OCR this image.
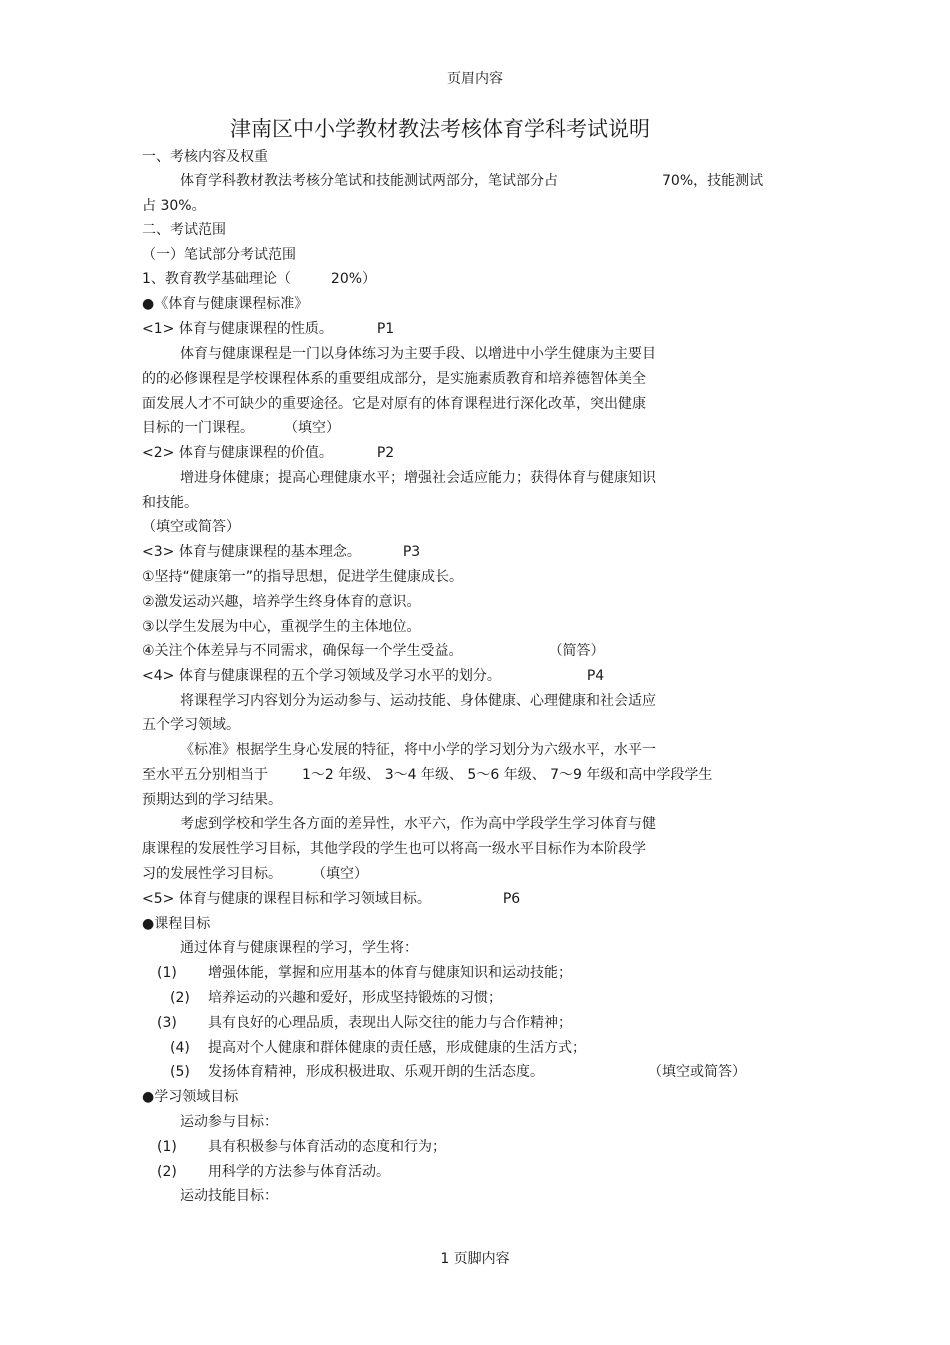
页眉内容
津南区中小学教材教法考核体育学科考试说明
一、考核内容及权重
体育学科教材教法考核分笔试和技能测试两部分，笔试部分占	70%，技能测试
占 30%。
二、考试范围
（一）笔试部分考试范围
1、教育教学基础理论（	20%）
●《体育与健康课程标准》
<1> 体育与健康课程的性质。	P1
体育与健康课程是一门以身体练习为主要手段、以增进中小学生健康为主要目
的的必修课程是学校课程体系的重要组成部分，是实施素质教育和培养德智体美全
面发展人才不可缺少的重要途径。它是对原有的体育课程进行深化改革，突出健康
目标的一门课程。 （填空）
<2> 体育与健康课程的价值。	P2
增进身体健康；提高心理健康水平；增强社会适应能力；获得体育与健康知识
和技能。
（填空或简答）
<3> 体育与健康课程的基本理念。	P3
①坚持“健康第一”的指导思想，促进学生健康成长。
②激发运动兴趣，培养学生终身体育的意识。
③以学生发展为中心，重视学生的主体地位。
④关注个体差异与不同需求，确保每一个学生受益。	（简答）
<4> 体育与健康课程的五个学习领域及学习水平的划分。	P4
将课程学习内容划分为运动参与、运动技能、身体健康、心理健康和社会适应
五个学习领域。
《标准》根据学生身心发展的特征，将中小学的学习划分为六级水平，水平一
至水平五分别相当于 1～2 年级、 3～4 年级、 5～6 年级、 7～9 年级和高中学段学生
预期达到的学习结果。
考虑到学校和学生各方面的差异性，水平六，作为高中学段学生学习体育与健
康课程的发展性学习目标，其他学段的学生也可以将高一级水平目标作为本阶段学
习的发展性学习目标。 （填空）
<5> 体育与健康的课程目标和学习领域目标。	P6
●课程目标
通过体育与健康课程的学习，学生将：
(1) 增强体能，掌握和应用基本的体育与健康知识和运动技能；
(2) 培养运动的兴趣和爱好，形成坚持锻炼的习惯；
(3) 具有良好的心理品质，表现出人际交往的能力与合作精神；
(4) 提高对个人健康和群体健康的责任感，形成健康的生活方式；
(5) 发扬体育精神，形成积极进取、乐观开朗的生活态度。	（填空或简答）
●学习领域目标
运动参与目标：
(1) 具有积极参与体育活动的态度和行为；
(2) 用科学的方法参与体育活动。
运动技能目标：
1 页脚内容
